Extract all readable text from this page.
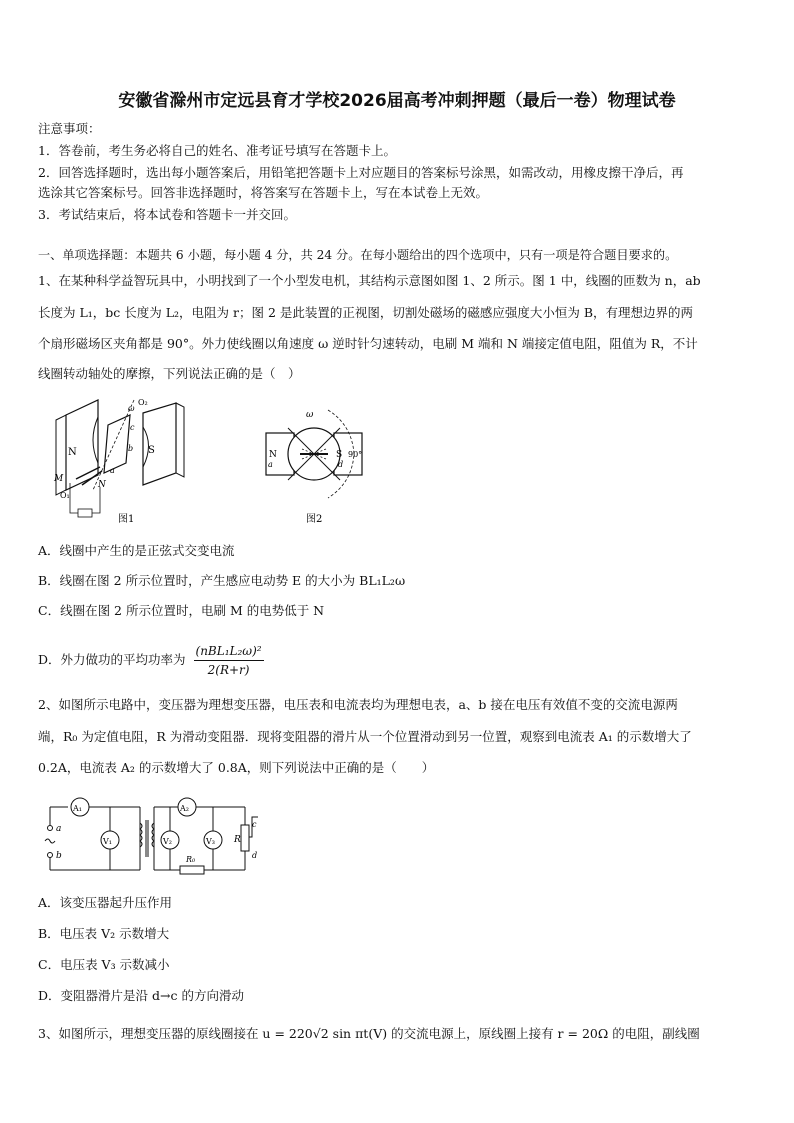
安徽省滁州市定远县育才学校2026届高考冲刺押题（最后一卷）物理试卷
注意事项：
1．答卷前，考生务必将自己的姓名、准考证号填写在答题卡上。
2．回答选择题时，选出每小题答案后，用铅笔把答题卡上对应题目的答案标号涂黑，如需改动，用橡皮擦干净后，再
选涂其它答案标号。回答非选择题时，将答案写在答题卡上，写在本试卷上无效。
3．考试结束后，将本试卷和答题卡一并交回。
一、单项选择题：本题共 6 小题，每小题 4 分，共 24 分。在每小题给出的四个选项中，只有一项是符合题目要求的。
1、在某种科学益智玩具中，小明找到了一个小型发电机，其结构示意图如图 1、2 所示。图 1 中，线圈的匝数为 n，ab
长度为 L₁，bc 长度为 L₂，电阻为 r；图 2 是此装置的正视图，切割处磁场的磁感应强度大小恒为 B，有理想边界的两
个扇形磁场区夹角都是 90°。外力使线圈以角速度 ω 逆时针匀速转动，电刷 M 端和 N 端接定值电阻，阻值为 R，不计
线圈转动轴处的摩擦，下列说法正确的是（　）
N	S
O₂
ω
c
b
a
M
N
O₁
图1
N
a
S
d
ω
90°
图2
A．线圈中产生的是正弦式交变电流
B．线圈在图 2 所示位置时，产生感应电动势 E 的大小为 BL₁L₂ω
C．线圈在图 2 所示位置时，电刷 M 的电势低于 N
D．外力做功的平均功率为 $\frac{\text{(nBL₁L₂ω)²}}{2(R+r)}$
2、如图所示电路中，变压器为理想变压器，电压表和电流表均为理想电表，a、b 接在电压有效值不变的交流电源两
端，R₀ 为定值电阻，R 为滑动变阻器．现将变阻器的滑片从一个位置滑动到另一位置，观察到电流表 A₁ 的示数增大了
0.2A，电流表 A₂ 的示数增大了 0.8A，则下列说法中正确的是（　　）
A₁
a
b
V₁
A₂
V₂
R₀
V₃ R
c
d
A．该变压器起升压作用
B．电压表 V₂ 示数增大
C．电压表 V₃ 示数减小
D．变阻器滑片是沿 d→c 的方向滑动
3、如图所示，理想变压器的原线圈接在 u = 220√2 sin πt(V) 的交流电源上，原线圈上接有 r = 20Ω 的电阻，副线圈
